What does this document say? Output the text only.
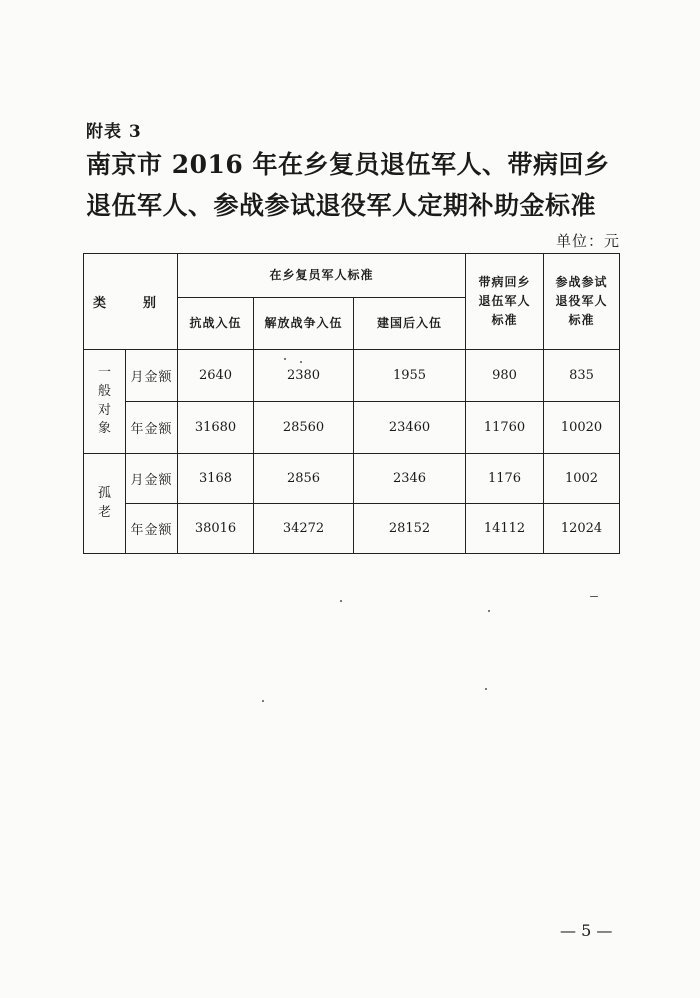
附表 3
南京市 2016 年在乡复员退伍军人、带病回乡
退伍军人、参战参试退役军人定期补助金标准
单位：元
类　别		在乡复员军人标准			带病回乡退伍军人标准	参战参试退役军人标准
		抗战入伍	解放战争入伍	建国后入伍		

一般对象	月金额	2640	2380	1955	980	835
	年金额	31680	28560	23460	11760	10020

孤老	月金额	3168	2856	2346	1176	1002
	年金额	38016	34272	28152	14112	12024
— 5 —
